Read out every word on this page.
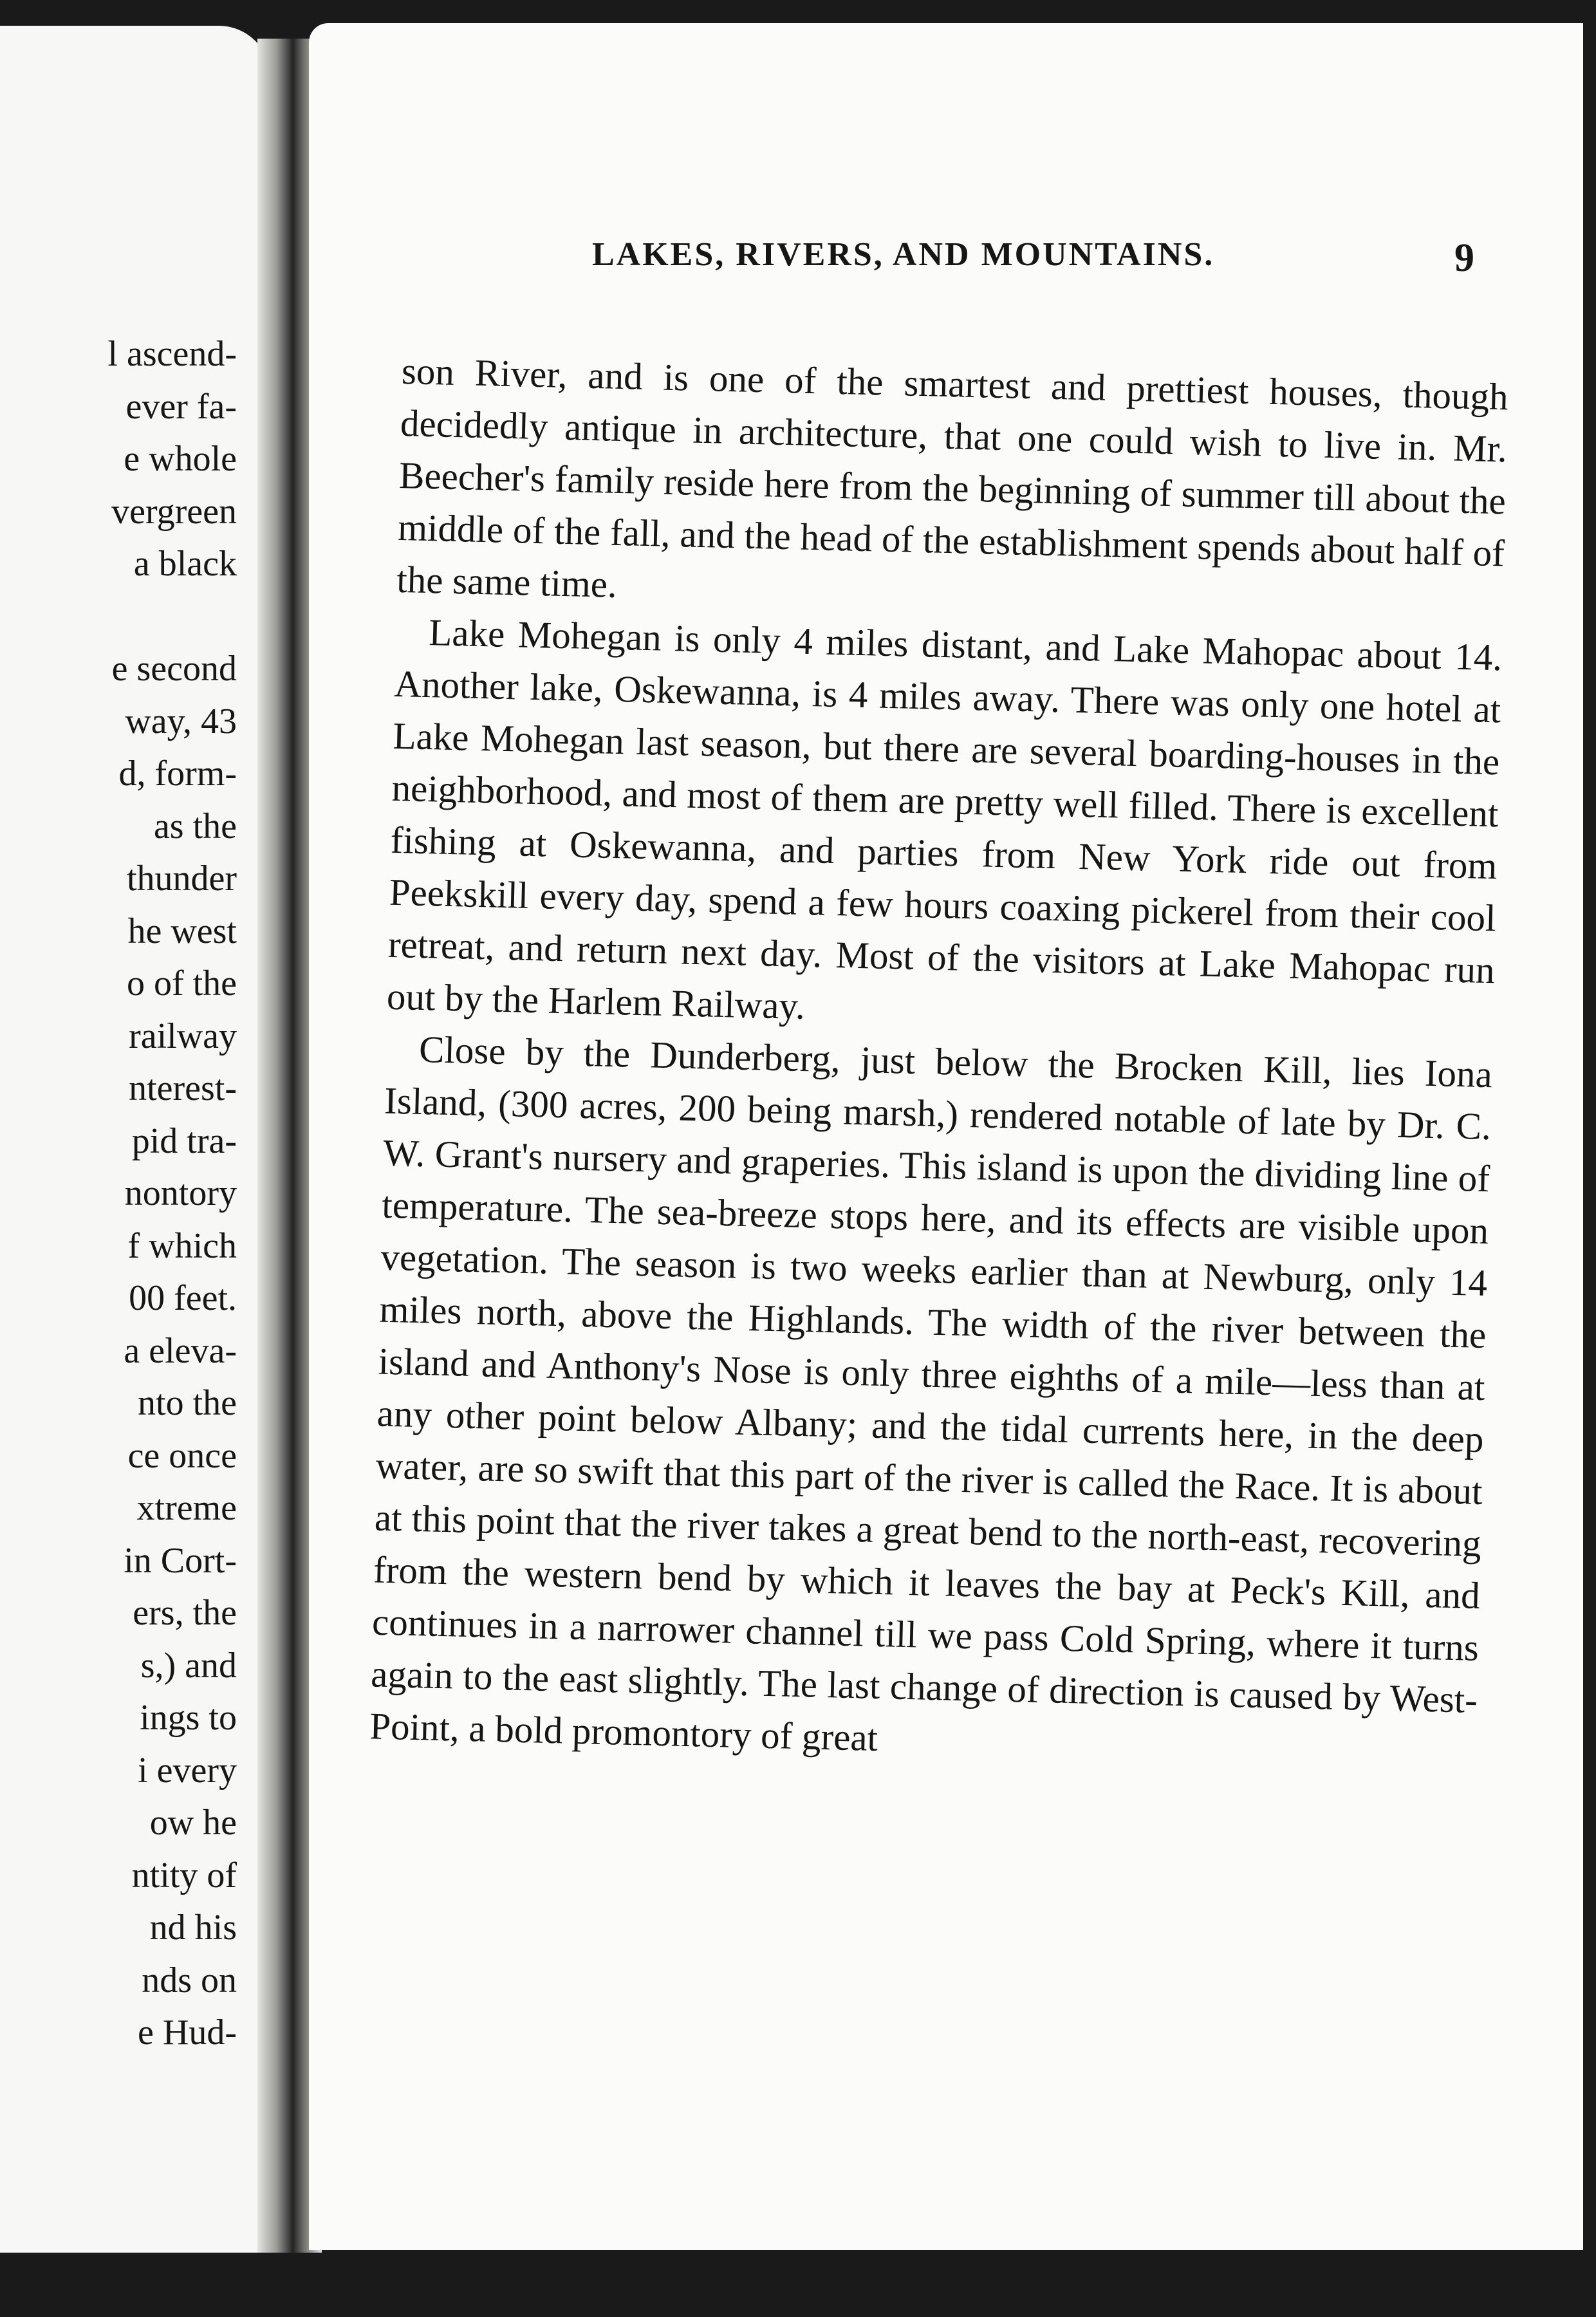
l ascend-
ever fa-
e whole
vergreen
a black
e second
way, 43
d, form-
as the
thunder
he west
o of the
railway
nterest-
pid tra-
nontory
f which
00 feet.
a eleva-
nto the
ce once
xtreme
in Cort-
ers, the
s,) and
ings to
i every
ow he
ntity of
nd his
nds on
e Hud-
LAKES, RIVERS, AND MOUNTAINS.	9

son River, and is one of the smartest and prettiest houses, though decidedly antique in architecture, that one could wish to live in. Mr. Beecher's family reside here from the beginning of summer till about the middle of the fall, and the head of the establishment spends about half of the same time.

Lake Mohegan is only 4 miles distant, and Lake Mahopac about 14. Another lake, Oskewanna, is 4 miles away. There was only one hotel at Lake Mohegan last season, but there are several boarding-houses in the neighborhood, and most of them are pretty well filled. There is excellent fishing at Oskewanna, and parties from New York ride out from Peekskill every day, spend a few hours coaxing pickerel from their cool retreat, and return next day. Most of the visitors at Lake Mahopac run out by the Harlem Railway.

Close by the Dunderberg, just below the Brocken Kill, lies Iona Island, (300 acres, 200 being marsh,) rendered notable of late by Dr. C. W. Grant's nursery and graperies. This island is upon the dividing line of temperature. The sea-breeze stops here, and its effects are visible upon vegetation. The season is two weeks earlier than at Newburg, only 14 miles north, above the Highlands. The width of the river between the island and Anthony's Nose is only three eighths of a mile—less than at any other point below Albany; and the tidal currents here, in the deep water, are so swift that this part of the river is called the Race. It is about at this point that the river takes a great bend to the north-east, recovering from the western bend by which it leaves the bay at Peck's Kill, and continues in a narrower channel till we pass Cold Spring, where it turns again to the east slightly. The last change of direction is caused by West-Point, a bold promontory of great
